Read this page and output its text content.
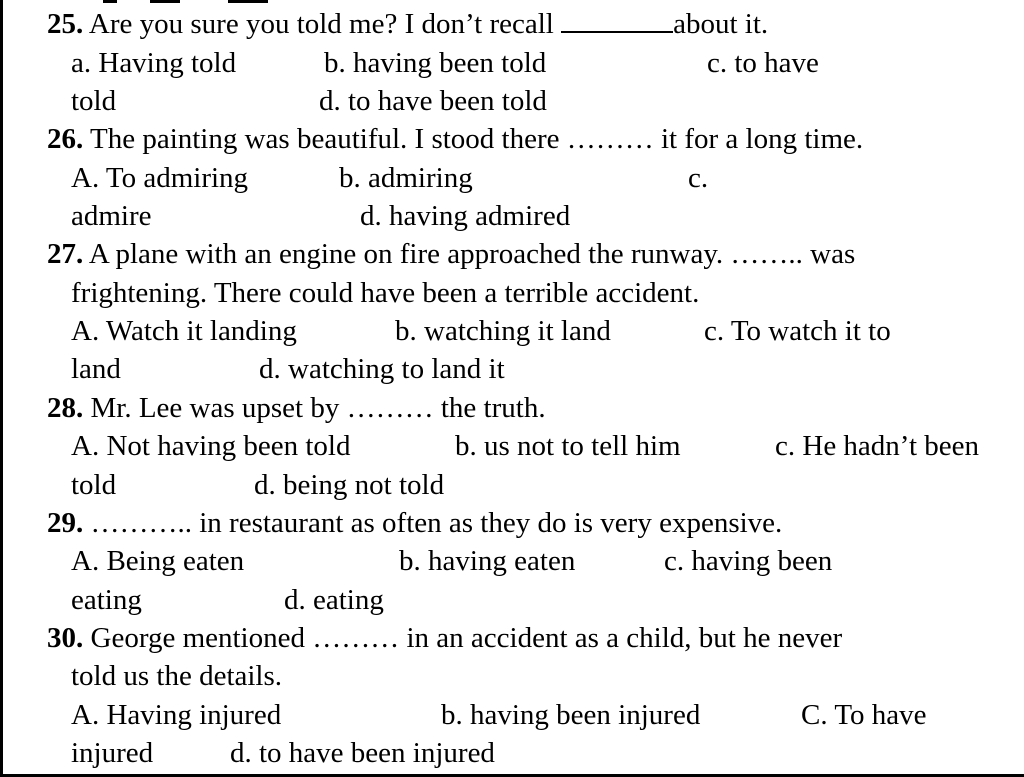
25. Are you sure you told me? I don’t recall	about it.
a. Having told	b. having been told	c. to have
told	d. to have been told
26. The painting was beautiful. I stood there ……… it for a long time.
A. To admiring	b. admiring	c.
admire	d. having admired
27. A plane with an engine on fire approached the runway. …….. was
frightening. There could have been a terrible accident.
A. Watch it landing	b. watching it land	c. To watch it to
land	d. watching to land it
28. Mr. Lee was upset by ……… the truth.
A. Not having been told	b. us not to tell him	c. He hadn’t been
told	d. being not told
29. ……….. in restaurant as often as they do is very expensive.
A. Being eaten	b. having eaten	c. having been
eating	d. eating
30. George mentioned ……… in an accident as a child, but he never
told us the details.
A. Having injured	b. having been injured	C. To have
injured	d. to have been injured
